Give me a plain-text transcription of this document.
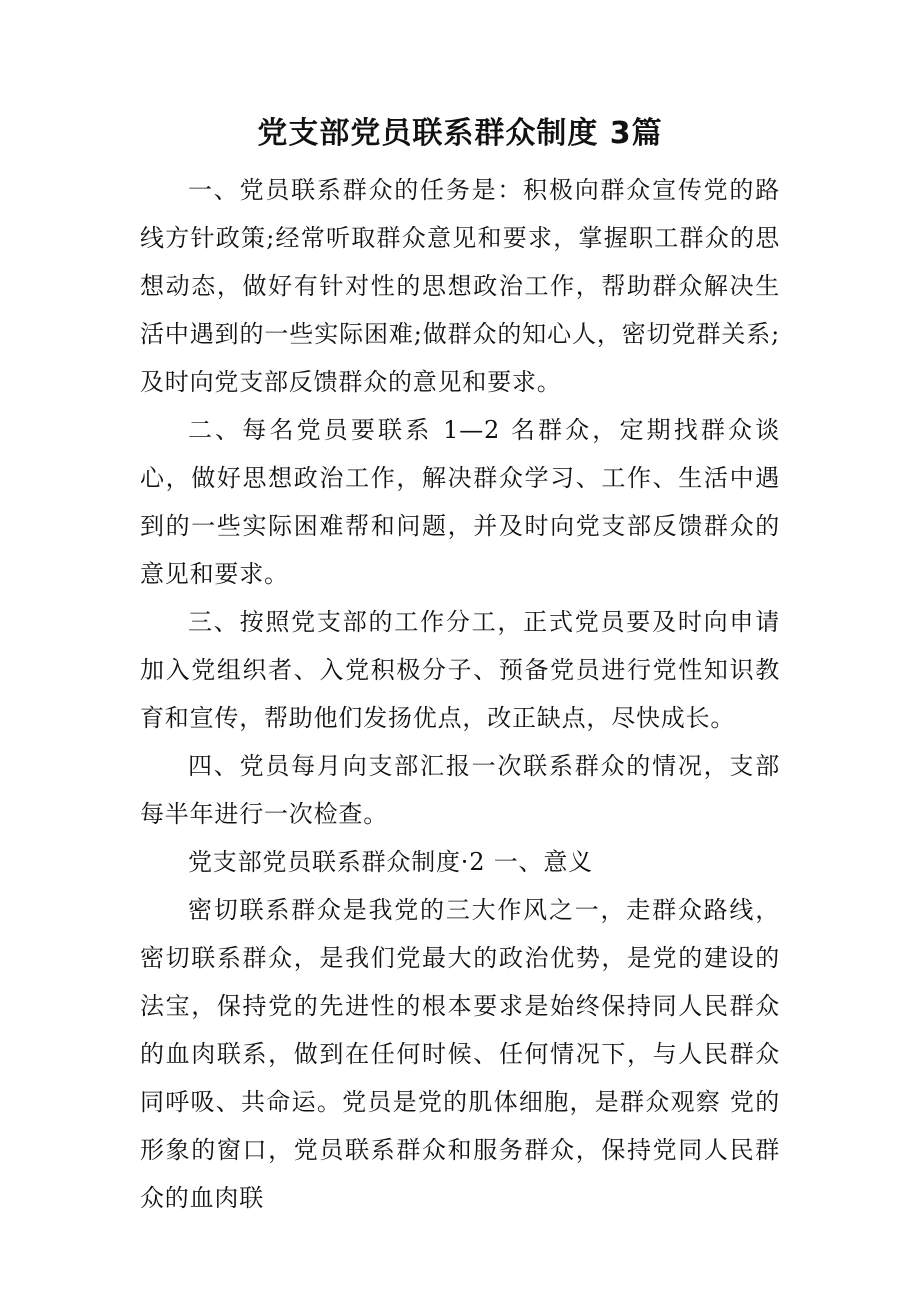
党支部党员联系群众制度 3篇

一、党员联系群众的任务是：积极向群众宣传党的路线方针政策;经常听取群众意见和要求，掌握职工群众的思想动态，做好有针对性的思想政治工作，帮助群众解决生活中遇到的一些实际困难;做群众的知心人，密切党群关系;及时向党支部反馈群众的意见和要求。

二、每名党员要联系 1—2 名群众，定期找群众谈心，做好思想政治工作，解决群众学习、工作、生活中遇到的一些实际困难帮和问题，并及时向党支部反馈群众的意见和要求。

三、按照党支部的工作分工，正式党员要及时向申请加入党组织者、入党积极分子、预备党员进行党性知识教育和宣传，帮助他们发扬优点，改正缺点，尽快成长。

四、党员每月向支部汇报一次联系群众的情况，支部每半年进行一次检查。

党支部党员联系群众制度·2 一、意义

密切联系群众是我党的三大作风之一，走群众路线，密切联系群众，是我们党最大的政治优势，是党的建设的法宝，保持党的先进性的根本要求是始终保持同人民群众的血肉联系，做到在任何时候、任何情况下，与人民群众同呼吸、共命运。党员是党的肌体细胞，是群众观察 党的形象的窗口，党员联系群众和服务群众，保持党同人民群众的血肉联
